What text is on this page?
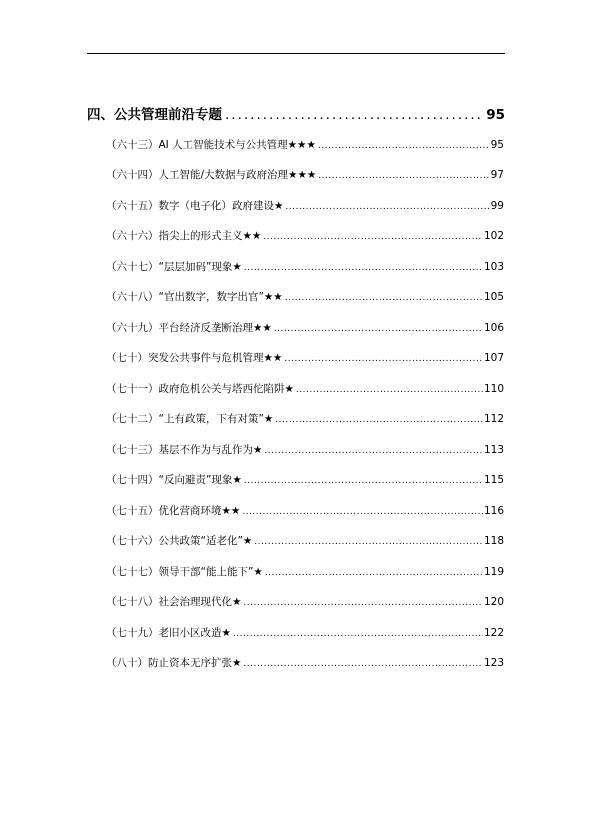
四、公共管理前沿专题 .....	95
（六十三） AI 人工智能技术与公共管理★★★ .....	95
（六十四） 人工智能/大数据与政府治理★★★ .....	97
（六十五） 数字（电子化）政府建设★ .....	99
（六十六） 指尖上的形式主义★★ .....	102
（六十七） “层层加码”现象★ .....	103
（六十八） “官出数字，数字出官”★★ .....	105
（六十九） 平台经济反垄断治理★★ .....	106
（七十） 突发公共事件与危机管理★★ .....	107
（七十一） 政府危机公关与塔西佗陷阱★ .....	110
（七十二） “上有政策，下有对策”★ .....	112
（七十三） 基层不作为与乱作为★ .....	113
（七十四） “反向避责”现象★ .....	115
（七十五） 优化营商环境★★ .....	116
（七十六） 公共政策“适老化”★ .....	118
（七十七） 领导干部“能上能下”★ .....	119
（七十八） 社会治理现代化★ .....	120
（七十九） 老旧小区改造★ .....	122
（八十） 防止资本无序扩张★ .....	123
